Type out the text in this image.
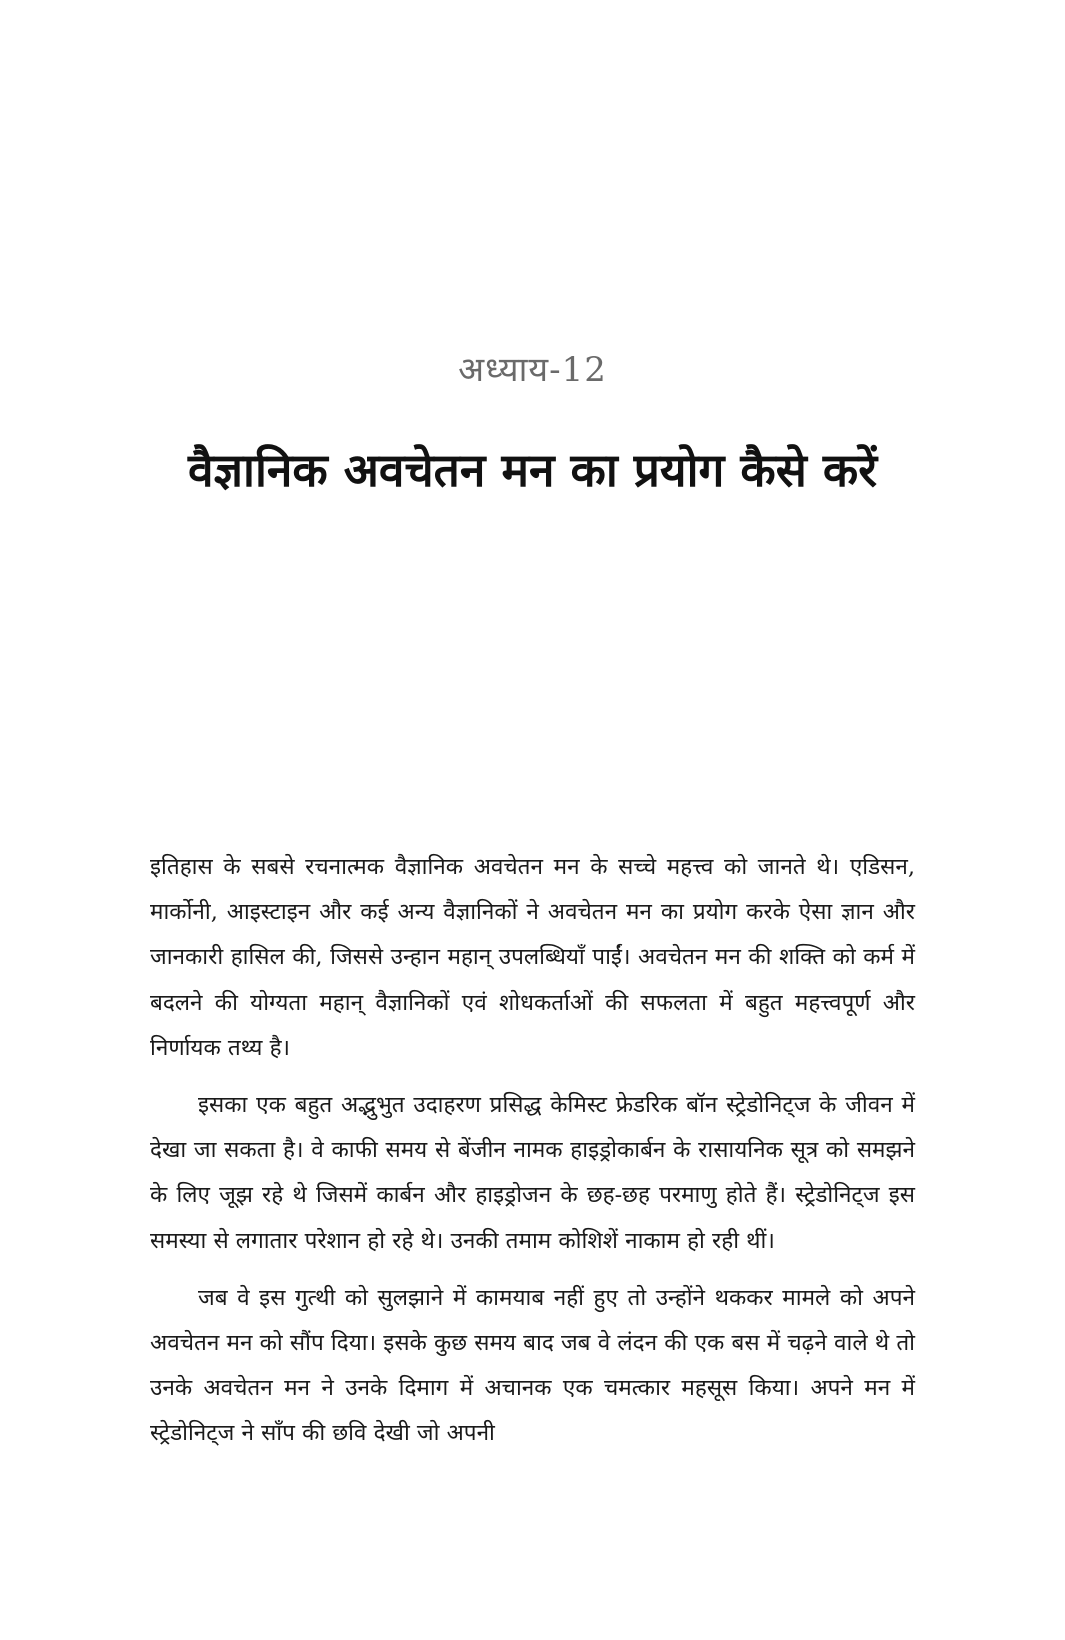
अध्याय-12
वैज्ञानिक अवचेतन मन का प्रयोग कैसे करें

इतिहास के सबसे रचनात्मक वैज्ञानिक अवचेतन मन के सच्चे महत्त्व को जानते थे। एडिसन, मार्कोनी, आइस्टाइन और कई अन्य वैज्ञानिकों ने अवचेतन मन का प्रयोग करके ऐसा ज्ञान और जानकारी हासिल की, जिससे उन्हान महान् उपलब्धियाँ पाईं। अवचेतन मन की शक्ति को कर्म में बदलने की योग्यता महान् वैज्ञानिकों एवं शोधकर्ताओं की सफलता में बहुत महत्त्वपूर्ण और निर्णायक तथ्य है।

इसका एक बहुत अद्भुभुत उदाहरण प्रसिद्ध केमिस्ट फ्रेडरिक बॉन स्ट्रेडोनिट्ज के जीवन में देखा जा सकता है। वे काफी समय से बेंजीन नामक हाइड्रोकार्बन के रासायनिक सूत्र को समझने के लिए जूझ रहे थे जिसमें कार्बन और हाइड्रोजन के छह-छह परमाणु होते हैं। स्ट्रेडोनिट्ज इस समस्या से लगातार परेशान हो रहे थे। उनकी तमाम कोशिशें नाकाम हो रही थीं।

जब वे इस गुत्थी को सुलझाने में कामयाब नहीं हुए तो उन्होंने थककर मामले को अपने अवचेतन मन को सौंप दिया। इसके कुछ समय बाद जब वे लंदन की एक बस में चढ़ने वाले थे तो उनके अवचेतन मन ने उनके दिमाग में अचानक एक चमत्कार महसूस किया। अपने मन में स्ट्रेडोनिट्ज ने साँप की छवि देखी जो अपनी
